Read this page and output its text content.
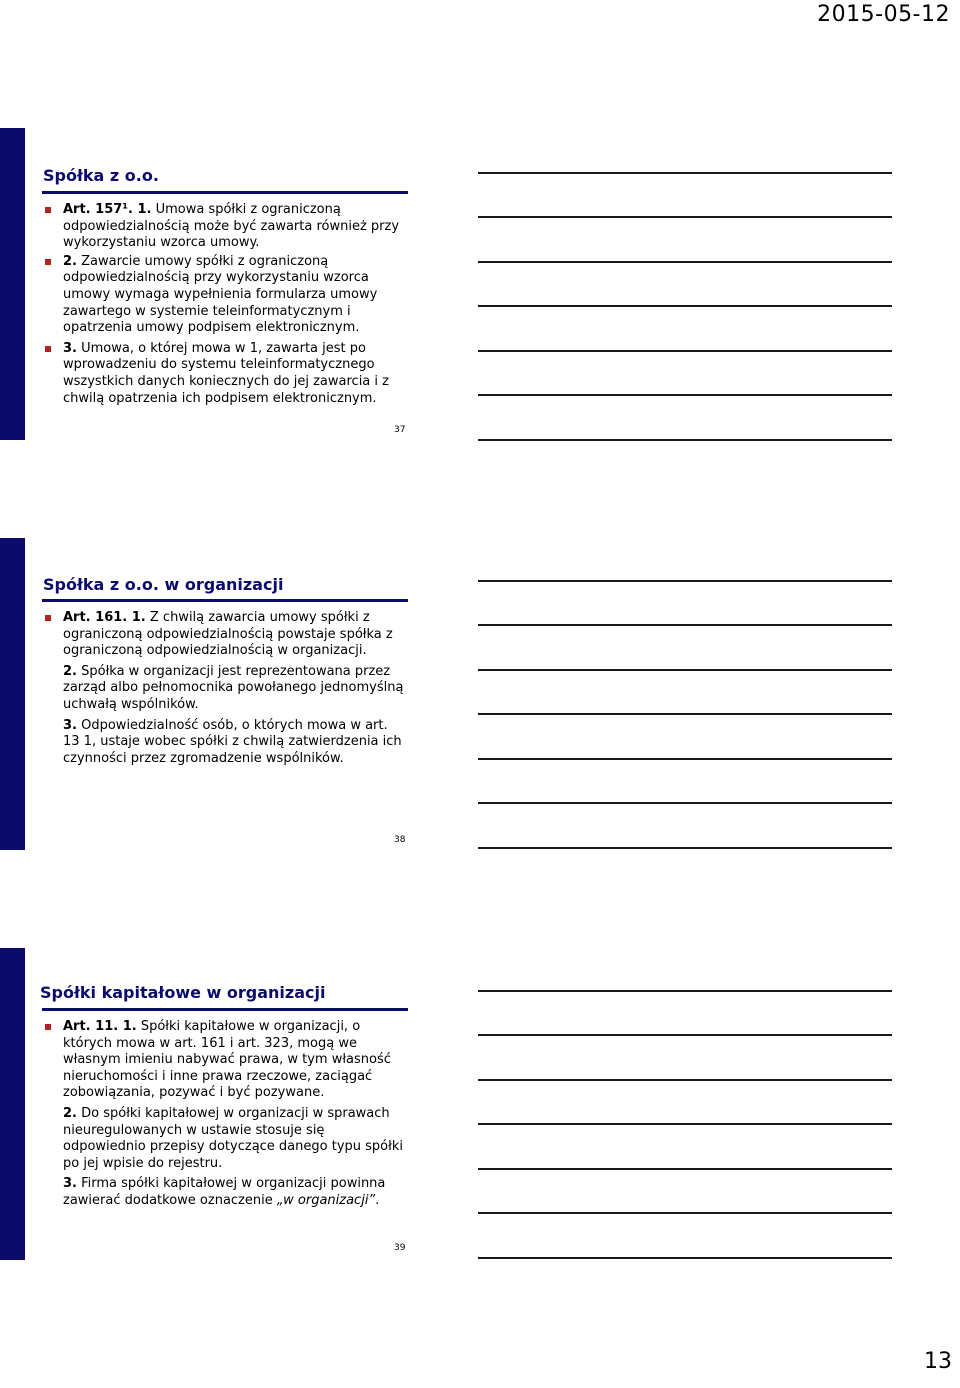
2015-05-12
Spółka z o.o.

Art. 157¹. 1. Umowa spółki z ograniczoną odpowiedzialnością może być zawarta również przy wykorzystaniu wzorca umowy.

2. Zawarcie umowy spółki z ograniczoną odpowiedzialnością przy wykorzystaniu wzorca umowy wymaga wypełnienia formularza umowy zawartego w systemie teleinformatycznym i opatrzenia umowy podpisem elektronicznym.

3. Umowa, o której mowa w 1, zawarta jest po wprowadzeniu do systemu teleinformatycznego wszystkich danych koniecznych do jej zawarcia i z chwilą opatrzenia ich podpisem elektronicznym.

37
Spółka z o.o. w organizacji

Art. 161. 1. Z chwilą zawarcia umowy spółki z ograniczoną odpowiedzialnością powstaje spółka z ograniczoną odpowiedzialnością w organizacji.

2. Spółka w organizacji jest reprezentowana przez zarząd albo pełnomocnika powołanego jednomyślną uchwałą wspólników.

3. Odpowiedzialność osób, o których mowa w art. 13 1, ustaje wobec spółki z chwilą zatwierdzenia ich czynności przez zgromadzenie wspólników.

38
Spółki kapitałowe w organizacji

Art. 11. 1. Spółki kapitałowe w organizacji, o których mowa w art. 161 i art. 323, mogą we własnym imieniu nabywać prawa, w tym własność nieruchomości i inne prawa rzeczowe, zaciągać zobowiązania, pozywać i być pozywane.

2. Do spółki kapitałowej w organizacji w sprawach nieuregulowanych w ustawie stosuje się odpowiednio przepisy dotyczące danego typu spółki po jej wpisie do rejestru.

3. Firma spółki kapitałowej w organizacji powinna zawierać dodatkowe oznaczenie „w organizacji”.

39
13
